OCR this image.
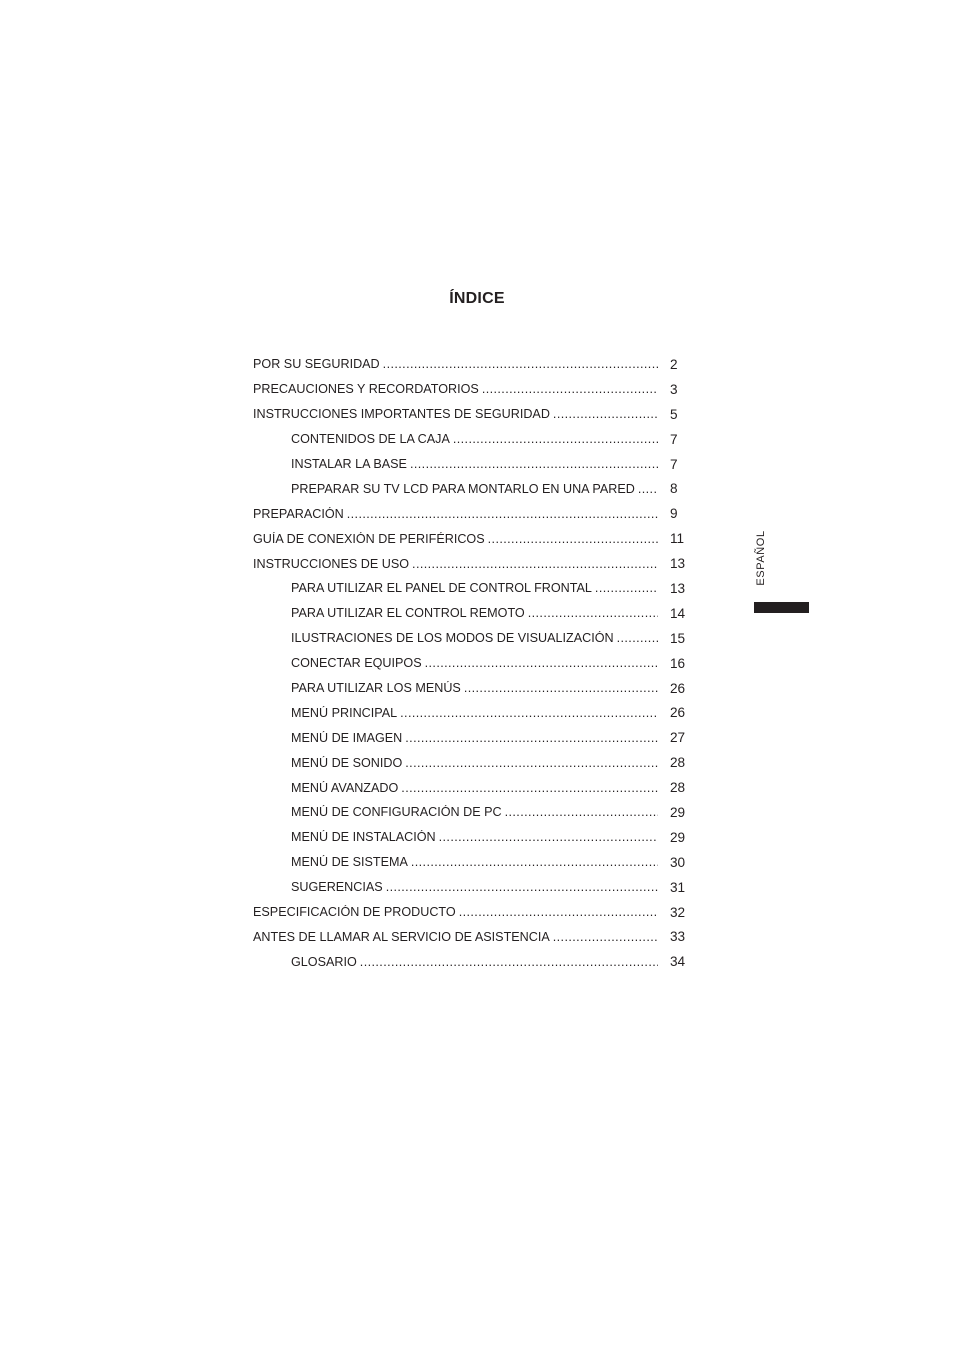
ÍNDICE
POR SU SEGURIDAD .....	2
PRECAUCIONES Y RECORDATORIOS .....	3
INSTRUCCIONES IMPORTANTES DE SEGURIDAD .....	5
CONTENIDOS DE LA CAJA .....	7
INSTALAR LA BASE .....	7
PREPARAR SU TV LCD PARA MONTARLO EN UNA PARED .....	8
PREPARACIÓN .....	9
GUÍA DE CONEXIÓN DE PERIFÉRICOS .....	11
INSTRUCCIONES DE USO .....	13
PARA UTILIZAR EL PANEL DE CONTROL FRONTAL .....	13
PARA UTILIZAR EL CONTROL REMOTO .....	14
ILUSTRACIONES DE LOS MODOS DE VISUALIZACIÓN .....	15
CONECTAR EQUIPOS .....	16
PARA UTILIZAR LOS MENÚS .....	26
MENÚ PRINCIPAL .....	26
MENÚ DE IMAGEN .....	27
MENÚ DE SONIDO .....	28
MENÚ AVANZADO .....	28
MENÚ DE CONFIGURACIÓN DE PC .....	29
MENÚ DE INSTALACIÓN .....	29
MENÚ DE SISTEMA .....	30
SUGERENCIAS .....	31
ESPECIFICACIÓN DE PRODUCTO .....	32
ANTES DE LLAMAR AL SERVICIO DE ASISTENCIA .....	33
GLOSARIO .....	34
ESPAÑOL
